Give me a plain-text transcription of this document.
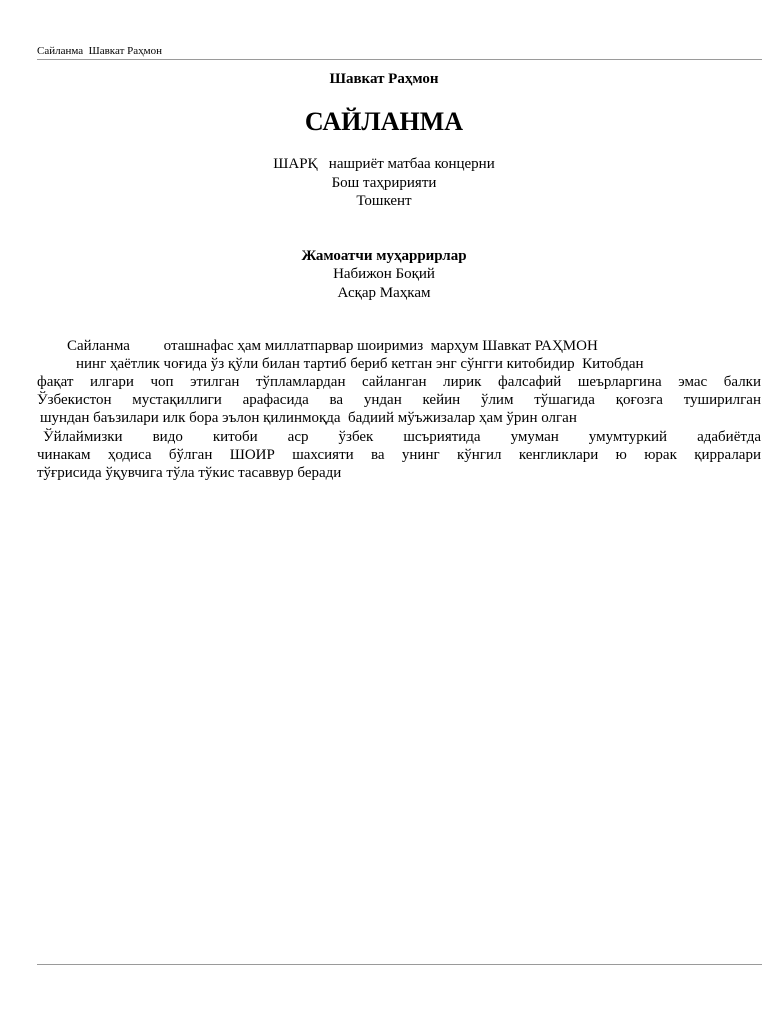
Сайланма  Шавкат Раҳмон
Шавкат Раҳмон
САЙЛАНМА
ШАРҚ   нашриёт матбаа концерни
Бош таҳририяти
Тошкент
Жамоатчи муҳаррирлар
Набижон Боқий
Асқар Маҳкам
Сайланма         оташнафас ҳам миллатпарвар шоиримиз  марҳум Шавкат РАҲМОН
нинг ҳаётлик чоғида ўз қўли билан тартиб бериб кетган энг сўнгги китобидир  Китобдан
фақат илгари чоп этилган тўпламлардан сайланган лирик фалсафий шеърларгина эмас балки
Ўзбекистон мустақиллиги арафасида ва ундан кейин ўлим тўшагида қоғозга туширилган
шундан баъзилари илк бора эълон қилинмоқда  бадиий мўъжизалар ҳам ўрин олган
Ўйлаймизки видо китоби аср ўзбек шсъриятида умуман умумтуркий адабиётда
чинакам ҳодиса бўлган ШОИР шахсияти ва унинг кўнгил кенгликлари ю юрак қирралари
тўғрисида ўқувчига тўла тўкис тасаввур беради
